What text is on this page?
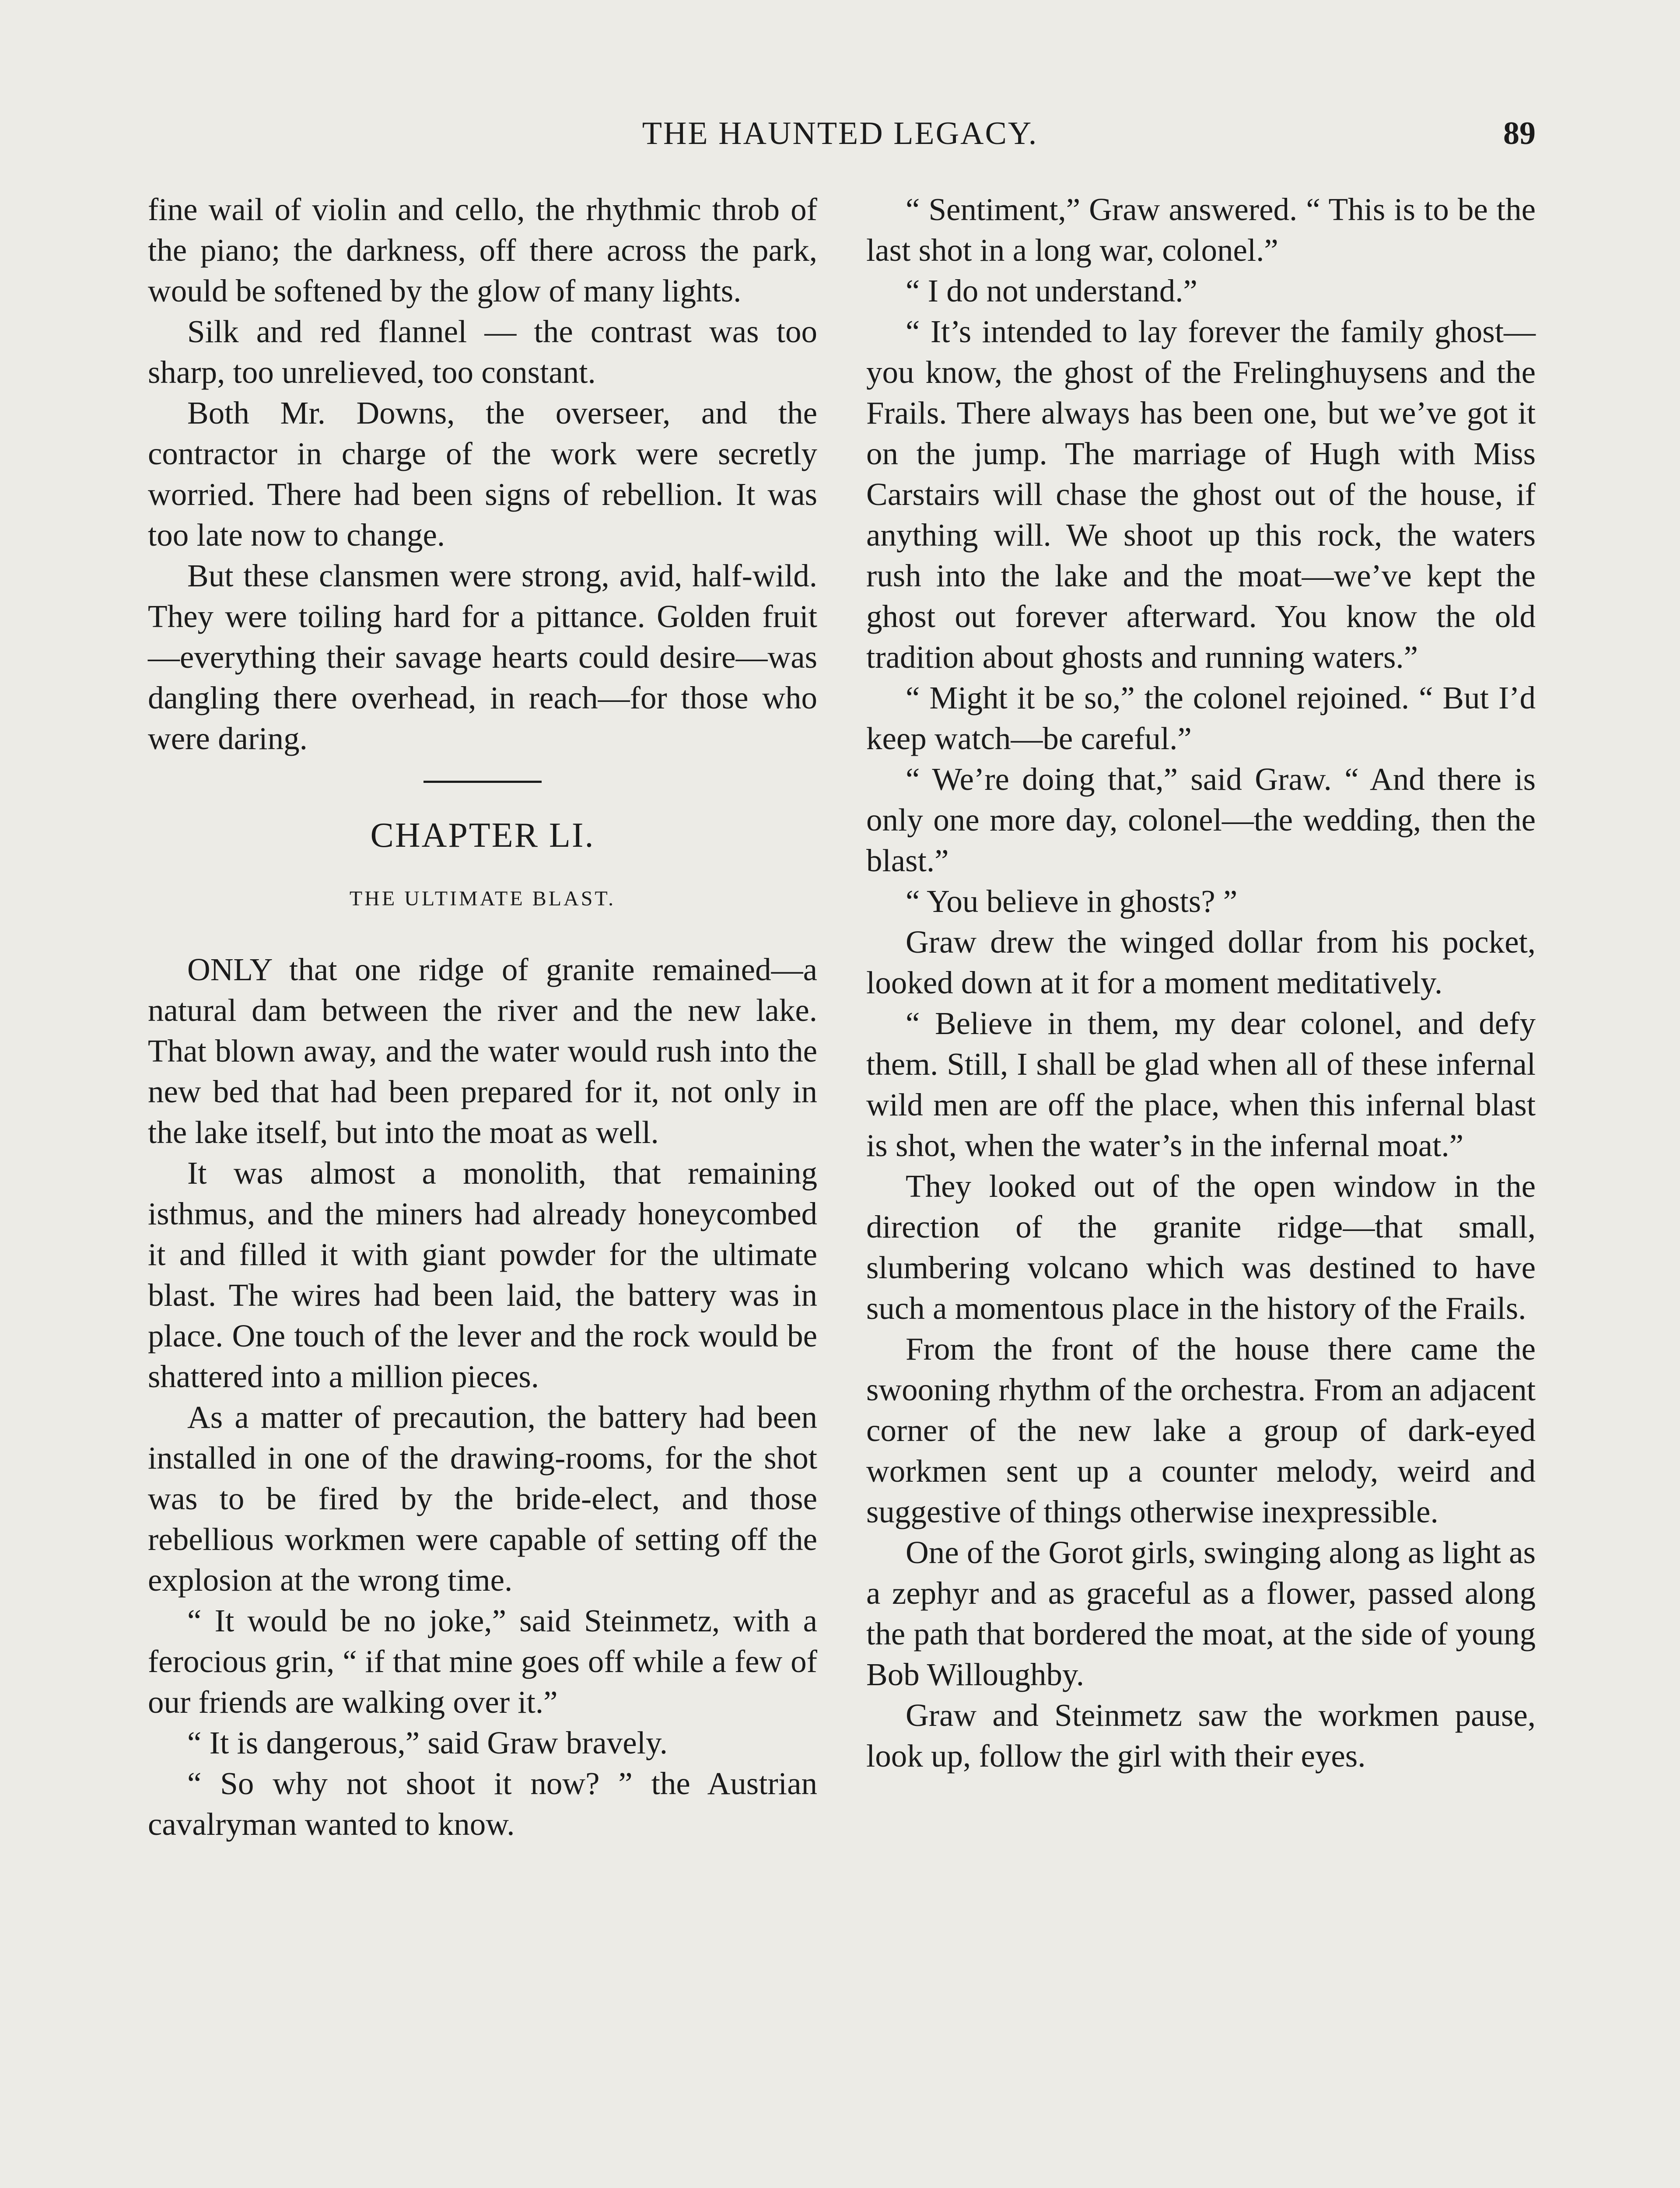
THE HAUNTED LEGACY.	89

fine wail of violin and cello, the rhythmic throb of the piano; the darkness, off there across the park, would be softened by the glow of many lights.

Silk and red flannel — the contrast was too sharp, too unrelieved, too constant.

Both Mr. Downs, the overseer, and the contractor in charge of the work were secretly worried. There had been signs of rebellion. It was too late now to change.

But these clansmen were strong, avid, half-wild. They were toiling hard for a pittance. Golden fruit—everything their savage hearts could desire—was dangling there overhead, in reach—for those who were daring.

CHAPTER LI.
THE ULTIMATE BLAST.

ONLY that one ridge of granite remained—a natural dam between the river and the new lake. That blown away, and the water would rush into the new bed that had been prepared for it, not only in the lake itself, but into the moat as well.

It was almost a monolith, that remaining isthmus, and the miners had already honeycombed it and filled it with giant powder for the ultimate blast. The wires had been laid, the battery was in place. One touch of the lever and the rock would be shattered into a million pieces.

As a matter of precaution, the battery had been installed in one of the drawing-rooms, for the shot was to be fired by the bride-elect, and those rebellious workmen were capable of setting off the explosion at the wrong time.

“ It would be no joke,” said Steinmetz, with a ferocious grin, “ if that mine goes off while a few of our friends are walking over it.”

“ It is dangerous,” said Graw bravely.

“ So why not shoot it now? ” the Austrian cavalryman wanted to know.

“ Sentiment,” Graw answered. “ This is to be the last shot in a long war, colonel.”

“ I do not understand.”

“ It’s intended to lay forever the family ghost—you know, the ghost of the Frelinghuysens and the Frails. There always has been one, but we’ve got it on the jump. The marriage of Hugh with Miss Carstairs will chase the ghost out of the house, if anything will. We shoot up this rock, the waters rush into the lake and the moat—we’ve kept the ghost out forever afterward. You know the old tradition about ghosts and running waters.”

“ Might it be so,” the colonel rejoined. “ But I’d keep watch—be careful.”

“ We’re doing that,” said Graw. “ And there is only one more day, colonel—the wedding, then the blast.”

“ You believe in ghosts? ”

Graw drew the winged dollar from his pocket, looked down at it for a moment meditatively.

“ Believe in them, my dear colonel, and defy them. Still, I shall be glad when all of these infernal wild men are off the place, when this infernal blast is shot, when the water’s in the infernal moat.”

They looked out of the open window in the direction of the granite ridge—that small, slumbering volcano which was destined to have such a momentous place in the history of the Frails.

From the front of the house there came the swooning rhythm of the orchestra. From an adjacent corner of the new lake a group of dark-eyed workmen sent up a counter melody, weird and suggestive of things otherwise inexpressible.

One of the Gorot girls, swinging along as light as a zephyr and as graceful as a flower, passed along the path that bordered the moat, at the side of young Bob Willoughby.

Graw and Steinmetz saw the workmen pause, look up, follow the girl with their eyes.
